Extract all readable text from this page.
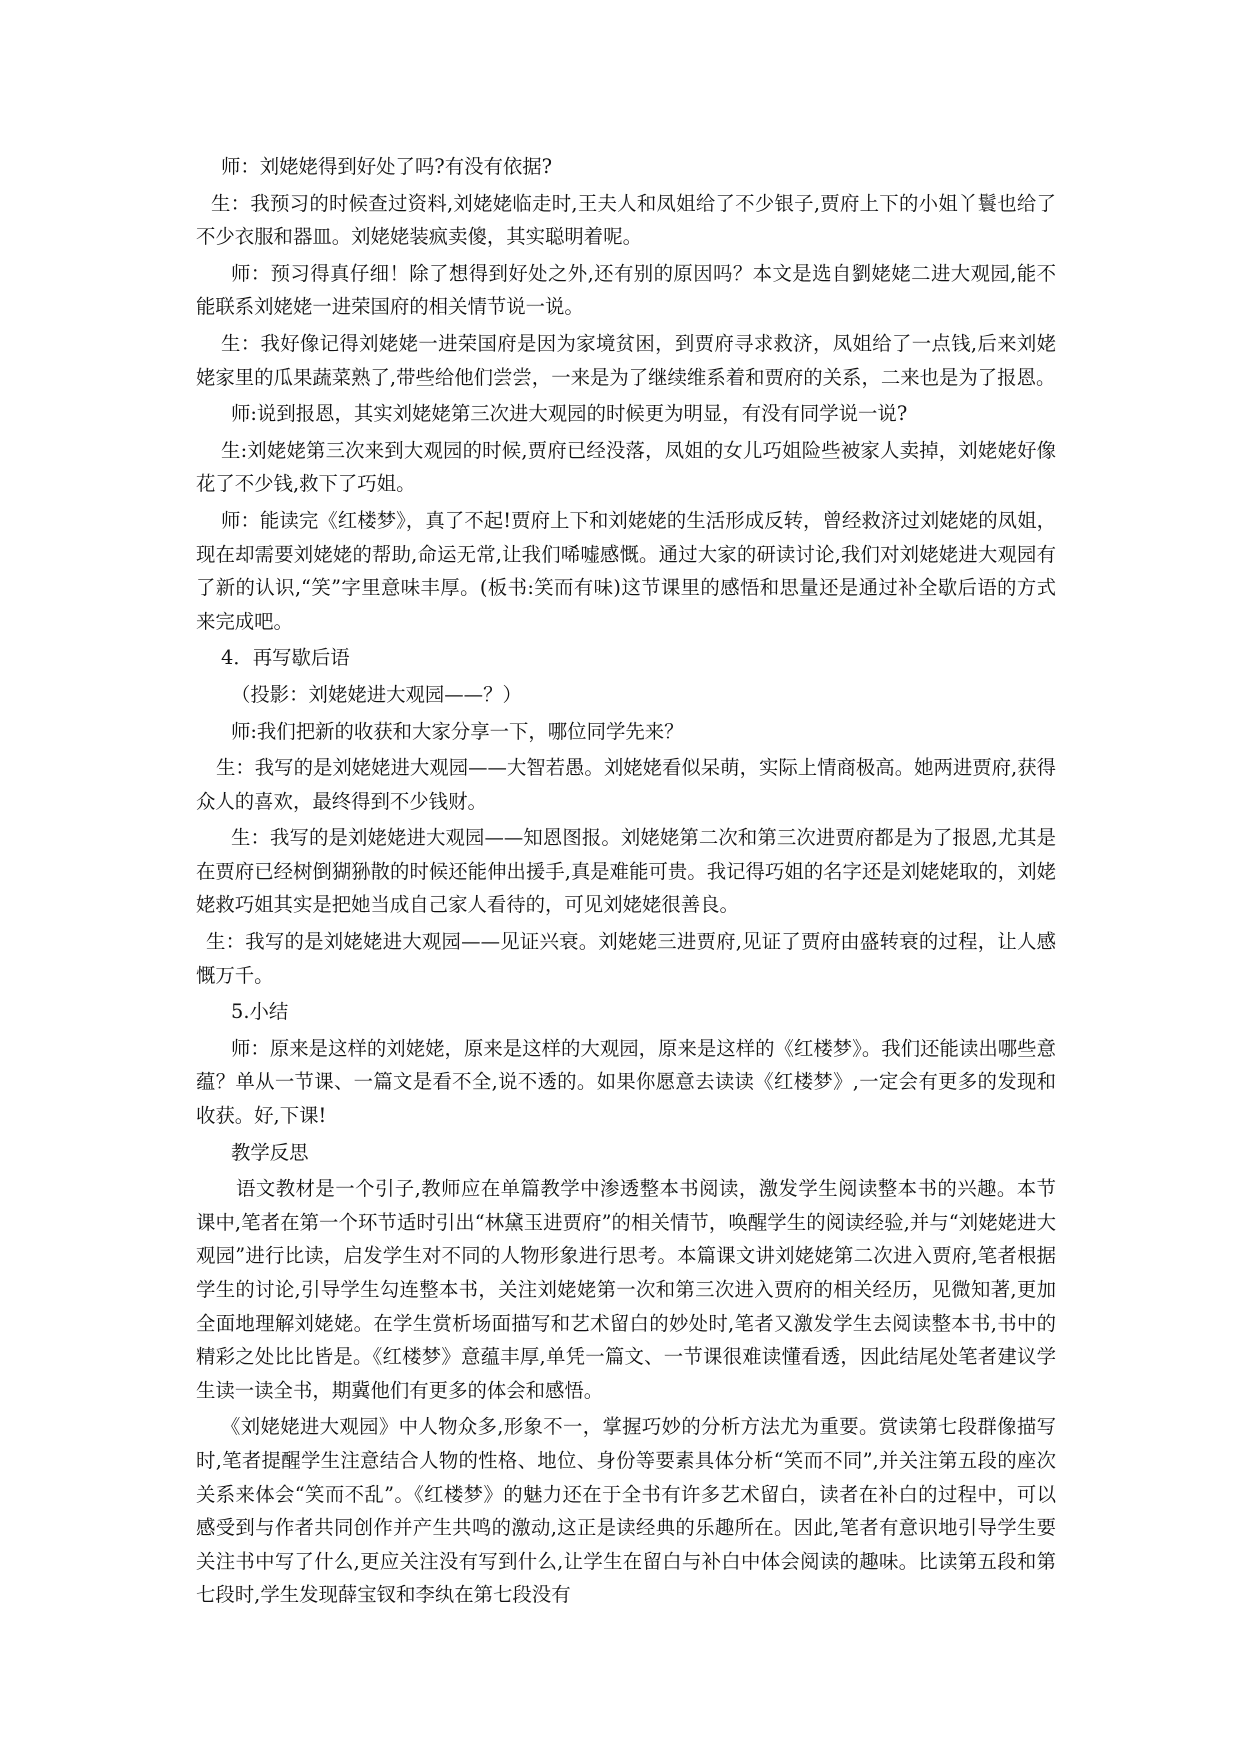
师：刘姥姥得到好处了吗?有没有依据?

生：我预习的时候查过资料,刘姥姥临走时,王夫人和凤姐给了不少银子,贾府上下的小姐丫鬟也给了不少衣服和器皿。刘姥姥装疯卖傻，其实聪明着呢。

师：预习得真仔细！除了想得到好处之外,还有别的原因吗？本文是选自劉姥姥二进大观园,能不能联系刘姥姥一进荣国府的相关情节说一说。

生：我好像记得刘姥姥一进荣国府是因为家境贫困，到贾府寻求救济，凤姐给了一点钱,后来刘姥姥家里的瓜果蔬菜熟了,带些给他们尝尝，一来是为了继续维系着和贾府的关系，二来也是为了报恩。

师:说到报恩，其实刘姥姥第三次进大观园的时候更为明显，有没有同学说一说?

生:刘姥姥第三次来到大观园的时候,贾府已经没落，凤姐的女儿巧姐险些被家人卖掉，刘姥姥好像花了不少钱,救下了巧姐。

师：能读完《红楼梦》，真了不起!贾府上下和刘姥姥的生活形成反转，曾经救济过刘姥姥的凤姐，现在却需要刘姥姥的帮助,命运无常,让我们唏嘘感慨。通过大家的研读讨论,我们对刘姥姥进大观园有了新的认识,“笑”字里意味丰厚。(板书:笑而有味)这节课里的感悟和思量还是通过补全歇后语的方式来完成吧。

4．再写歇后语

（投影：刘姥姥进大观园——？）

师:我们把新的收获和大家分享一下，哪位同学先来？

生：我写的是刘姥姥进大观园——大智若愚。刘姥姥看似呆萌，实际上情商极高。她两进贾府,获得众人的喜欢，最终得到不少钱财。

生：我写的是刘姥姥进大观园——知恩图报。刘姥姥第二次和第三次进贾府都是为了报恩,尤其是在贾府已经树倒猢狲散的时候还能伸出援手,真是难能可贵。我记得巧姐的名字还是刘姥姥取的，刘姥姥救巧姐其实是把她当成自己家人看待的，可见刘姥姥很善良。

生：我写的是刘姥姥进大观园——见证兴衰。刘姥姥三进贾府,见证了贾府由盛转衰的过程，让人感慨万千。

5.小结

师：原来是这样的刘姥姥，原来是这样的大观园，原来是这样的《红楼梦》。我们还能读出哪些意蕴？单从一节课、一篇文是看不全,说不透的。如果你愿意去读读《红楼梦》,一定会有更多的发现和收获。好,下课!

教学反思

语文教材是一个引子,教师应在单篇教学中渗透整本书阅读，激发学生阅读整本书的兴趣。本节课中,笔者在第一个环节适时引出“林黛玉进贾府”的相关情节，唤醒学生的阅读经验,并与“刘姥姥进大观园”进行比读，启发学生对不同的人物形象进行思考。本篇课文讲刘姥姥第二次进入贾府,笔者根据学生的讨论,引导学生勾连整本书，关注刘姥姥第一次和第三次进入贾府的相关经历，见微知著,更加全面地理解刘姥姥。在学生赏析场面描写和艺术留白的妙处时,笔者又激发学生去阅读整本书,书中的精彩之处比比皆是。《红楼梦》意蕴丰厚,单凭一篇文、一节课很难读懂看透，因此结尾处笔者建议学生读一读全书，期冀他们有更多的体会和感悟。

《刘姥姥进大观园》中人物众多,形象不一，掌握巧妙的分析方法尤为重要。赏读第七段群像描写时,笔者提醒学生注意结合人物的性格、地位、身份等要素具体分析“笑而不同”,并关注第五段的座次关系来体会“笑而不乱”。《红楼梦》的魅力还在于全书有许多艺术留白，读者在补白的过程中，可以感受到与作者共同创作并产生共鸣的激动,这正是读经典的乐趣所在。因此,笔者有意识地引导学生要关注书中写了什么,更应关注没有写到什么,让学生在留白与补白中体会阅读的趣味。比读第五段和第七段时,学生发现薛宝钗和李纨在第七段没有
